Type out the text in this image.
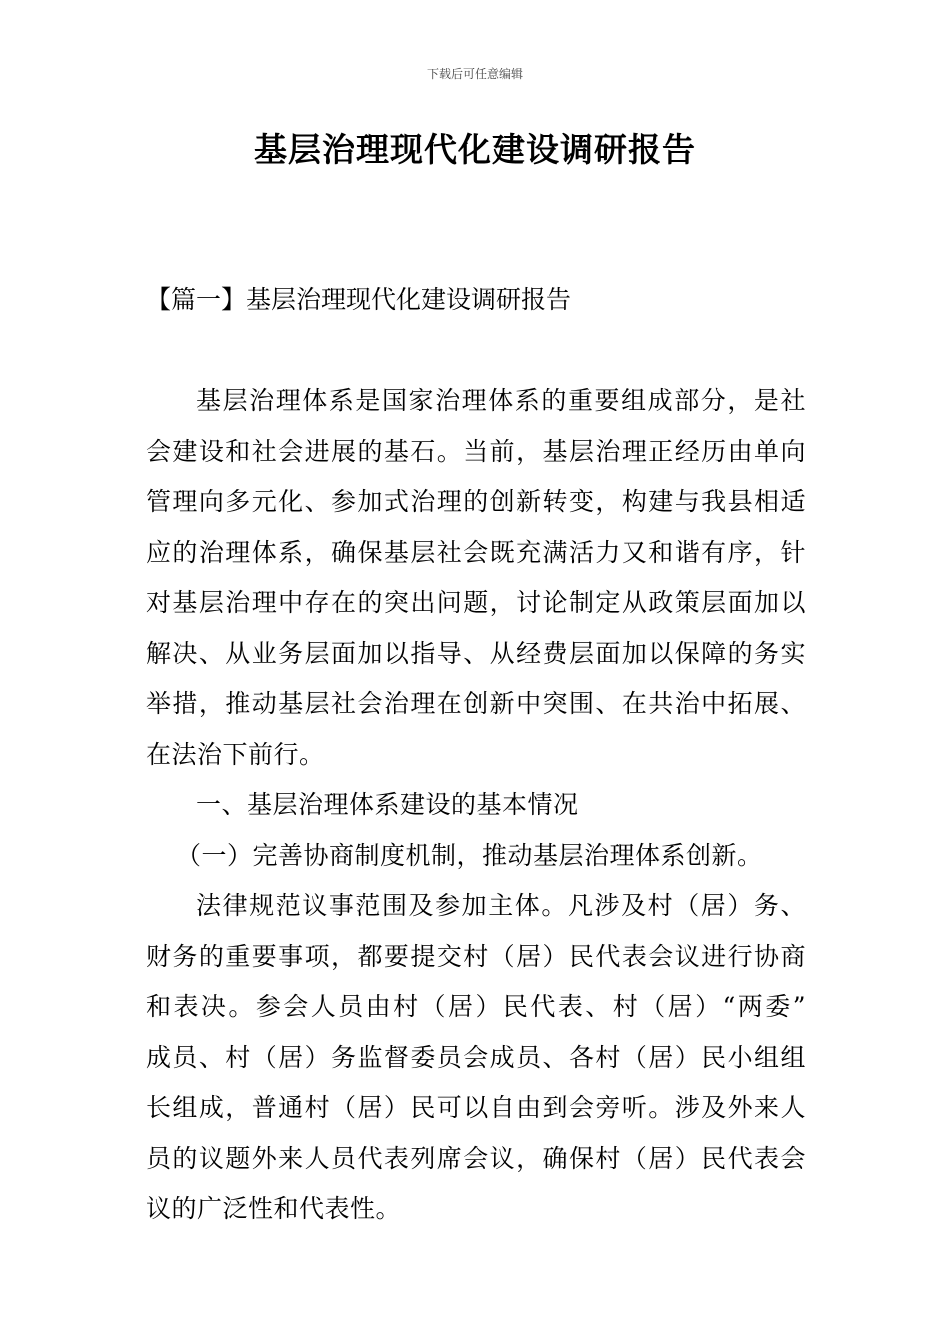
下载后可任意编辑
基层治理现代化建设调研报告
【篇一】基层治理现代化建设调研报告
基层治理体系是国家治理体系的重要组成部分，是社
会建设和社会进展的基石。当前，基层治理正经历由单向
管理向多元化、参加式治理的创新转变，构建与我县相适
应的治理体系，确保基层社会既充满活力又和谐有序，针
对基层治理中存在的突出问题，讨论制定从政策层面加以
解决、从业务层面加以指导、从经费层面加以保障的务实
举措，推动基层社会治理在创新中突围、在共治中拓展、
在法治下前行。
一、基层治理体系建设的基本情况
（一）完善协商制度机制，推动基层治理体系创新。
法律规范议事范围及参加主体。凡涉及村（居）务、
财务的重要事项，都要提交村（居）民代表会议进行协商
和表决。参会人员由村（居）民代表、村（居）“两委”
成员、村（居）务监督委员会成员、各村（居）民小组组
长组成，普通村（居）民可以自由到会旁听。涉及外来人
员的议题外来人员代表列席会议，确保村（居）民代表会
议的广泛性和代表性。
